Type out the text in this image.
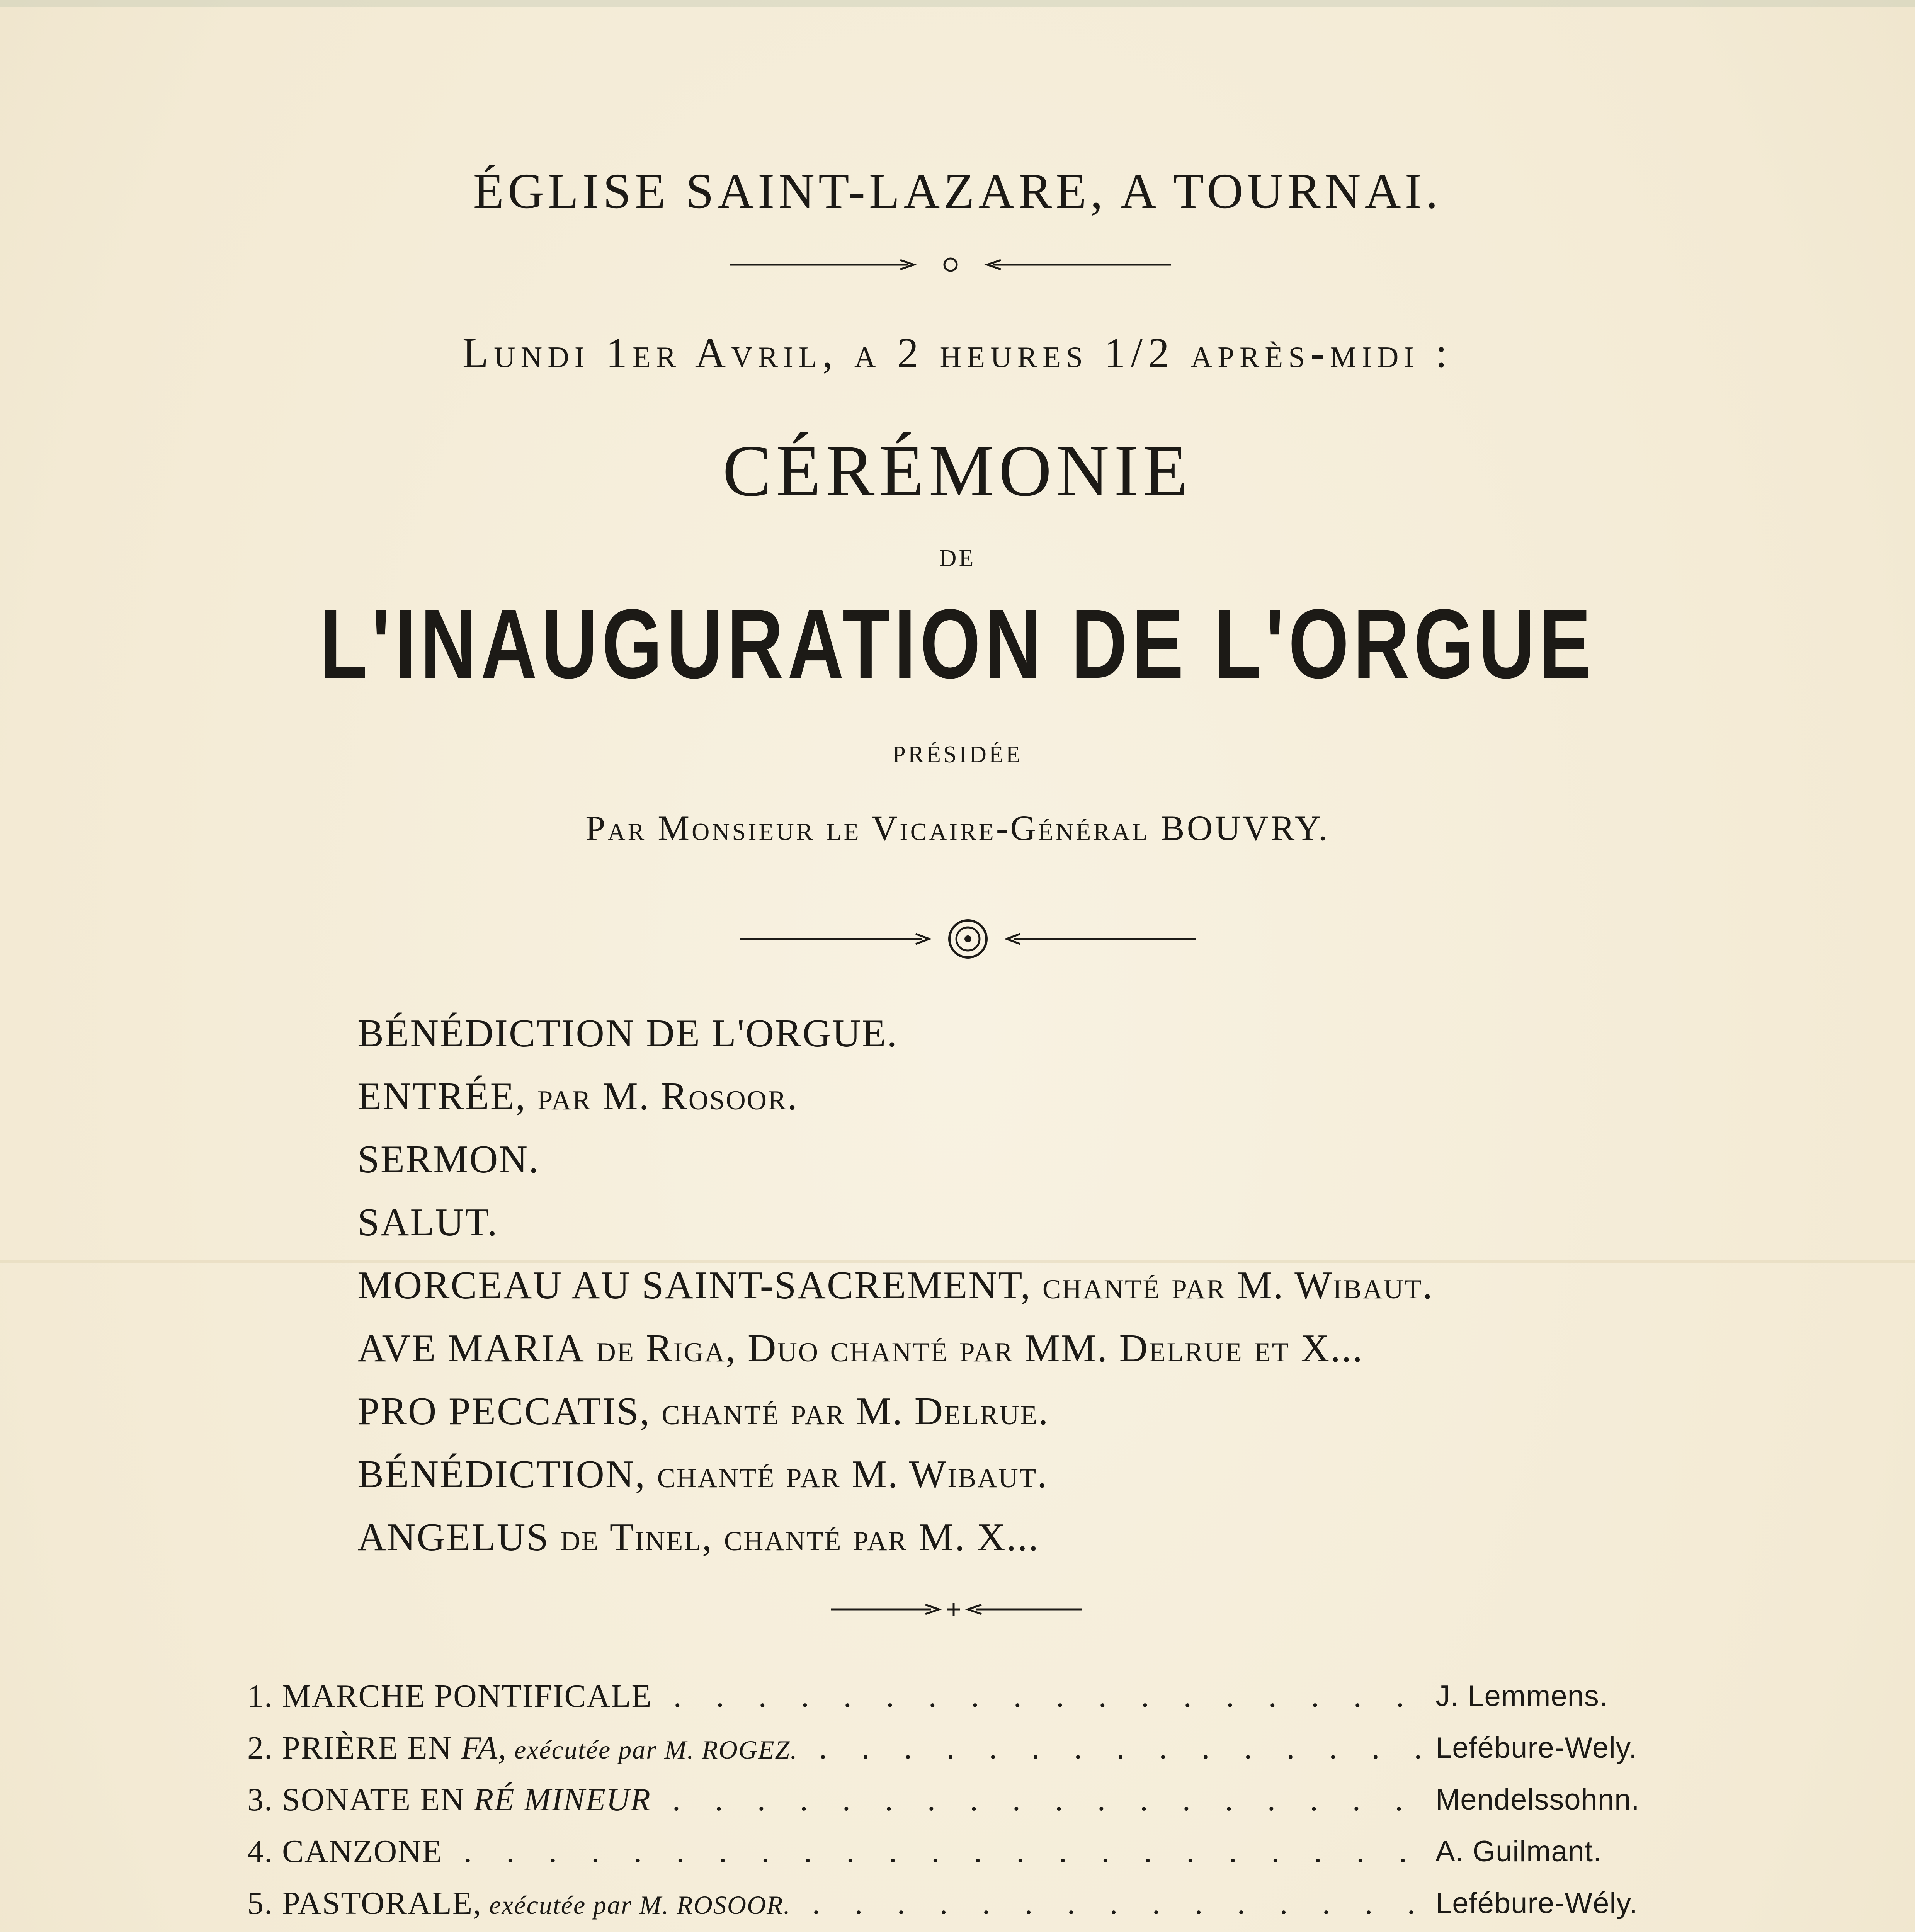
ÉGLISE SAINT-LAZARE, A TOURNAI.
Lundi 1er Avril, a 2 heures 1/2 après-midi :
CÉRÉMONIE
DE
L'INAUGURATION DE L'ORGUE
PRÉSIDÉE
Par Monsieur le Vicaire-Général BOUVRY.
BÉNÉDICTION DE L'ORGUE.
ENTRÉE, par M. Rosoor.
SERMON.
SALUT.
MORCEAU AU SAINT-SACREMENT, chanté par M. Wibaut.
AVE MARIA de Riga, Duo chanté par MM. Delrue et X...
PRO PECCATIS, chanté par M. Delrue.
BÉNÉDICTION, chanté par M. Wibaut.
ANGELUS de Tinel, chanté par M. X...
1. MARCHE PONTIFICALE . . .	J. Lemmens.
2. PRIÈRE EN FA, exécutée par M. ROGEZ. . . .	Lefébure-Wely.
3. SONATE EN RÉ MINEUR . . .	Mendelssohnn.
4. CANZONE . . .	A. Guilmant.
5. PASTORALE, exécutée par M. ROSOOR. . . .	Lefébure-Wély.
